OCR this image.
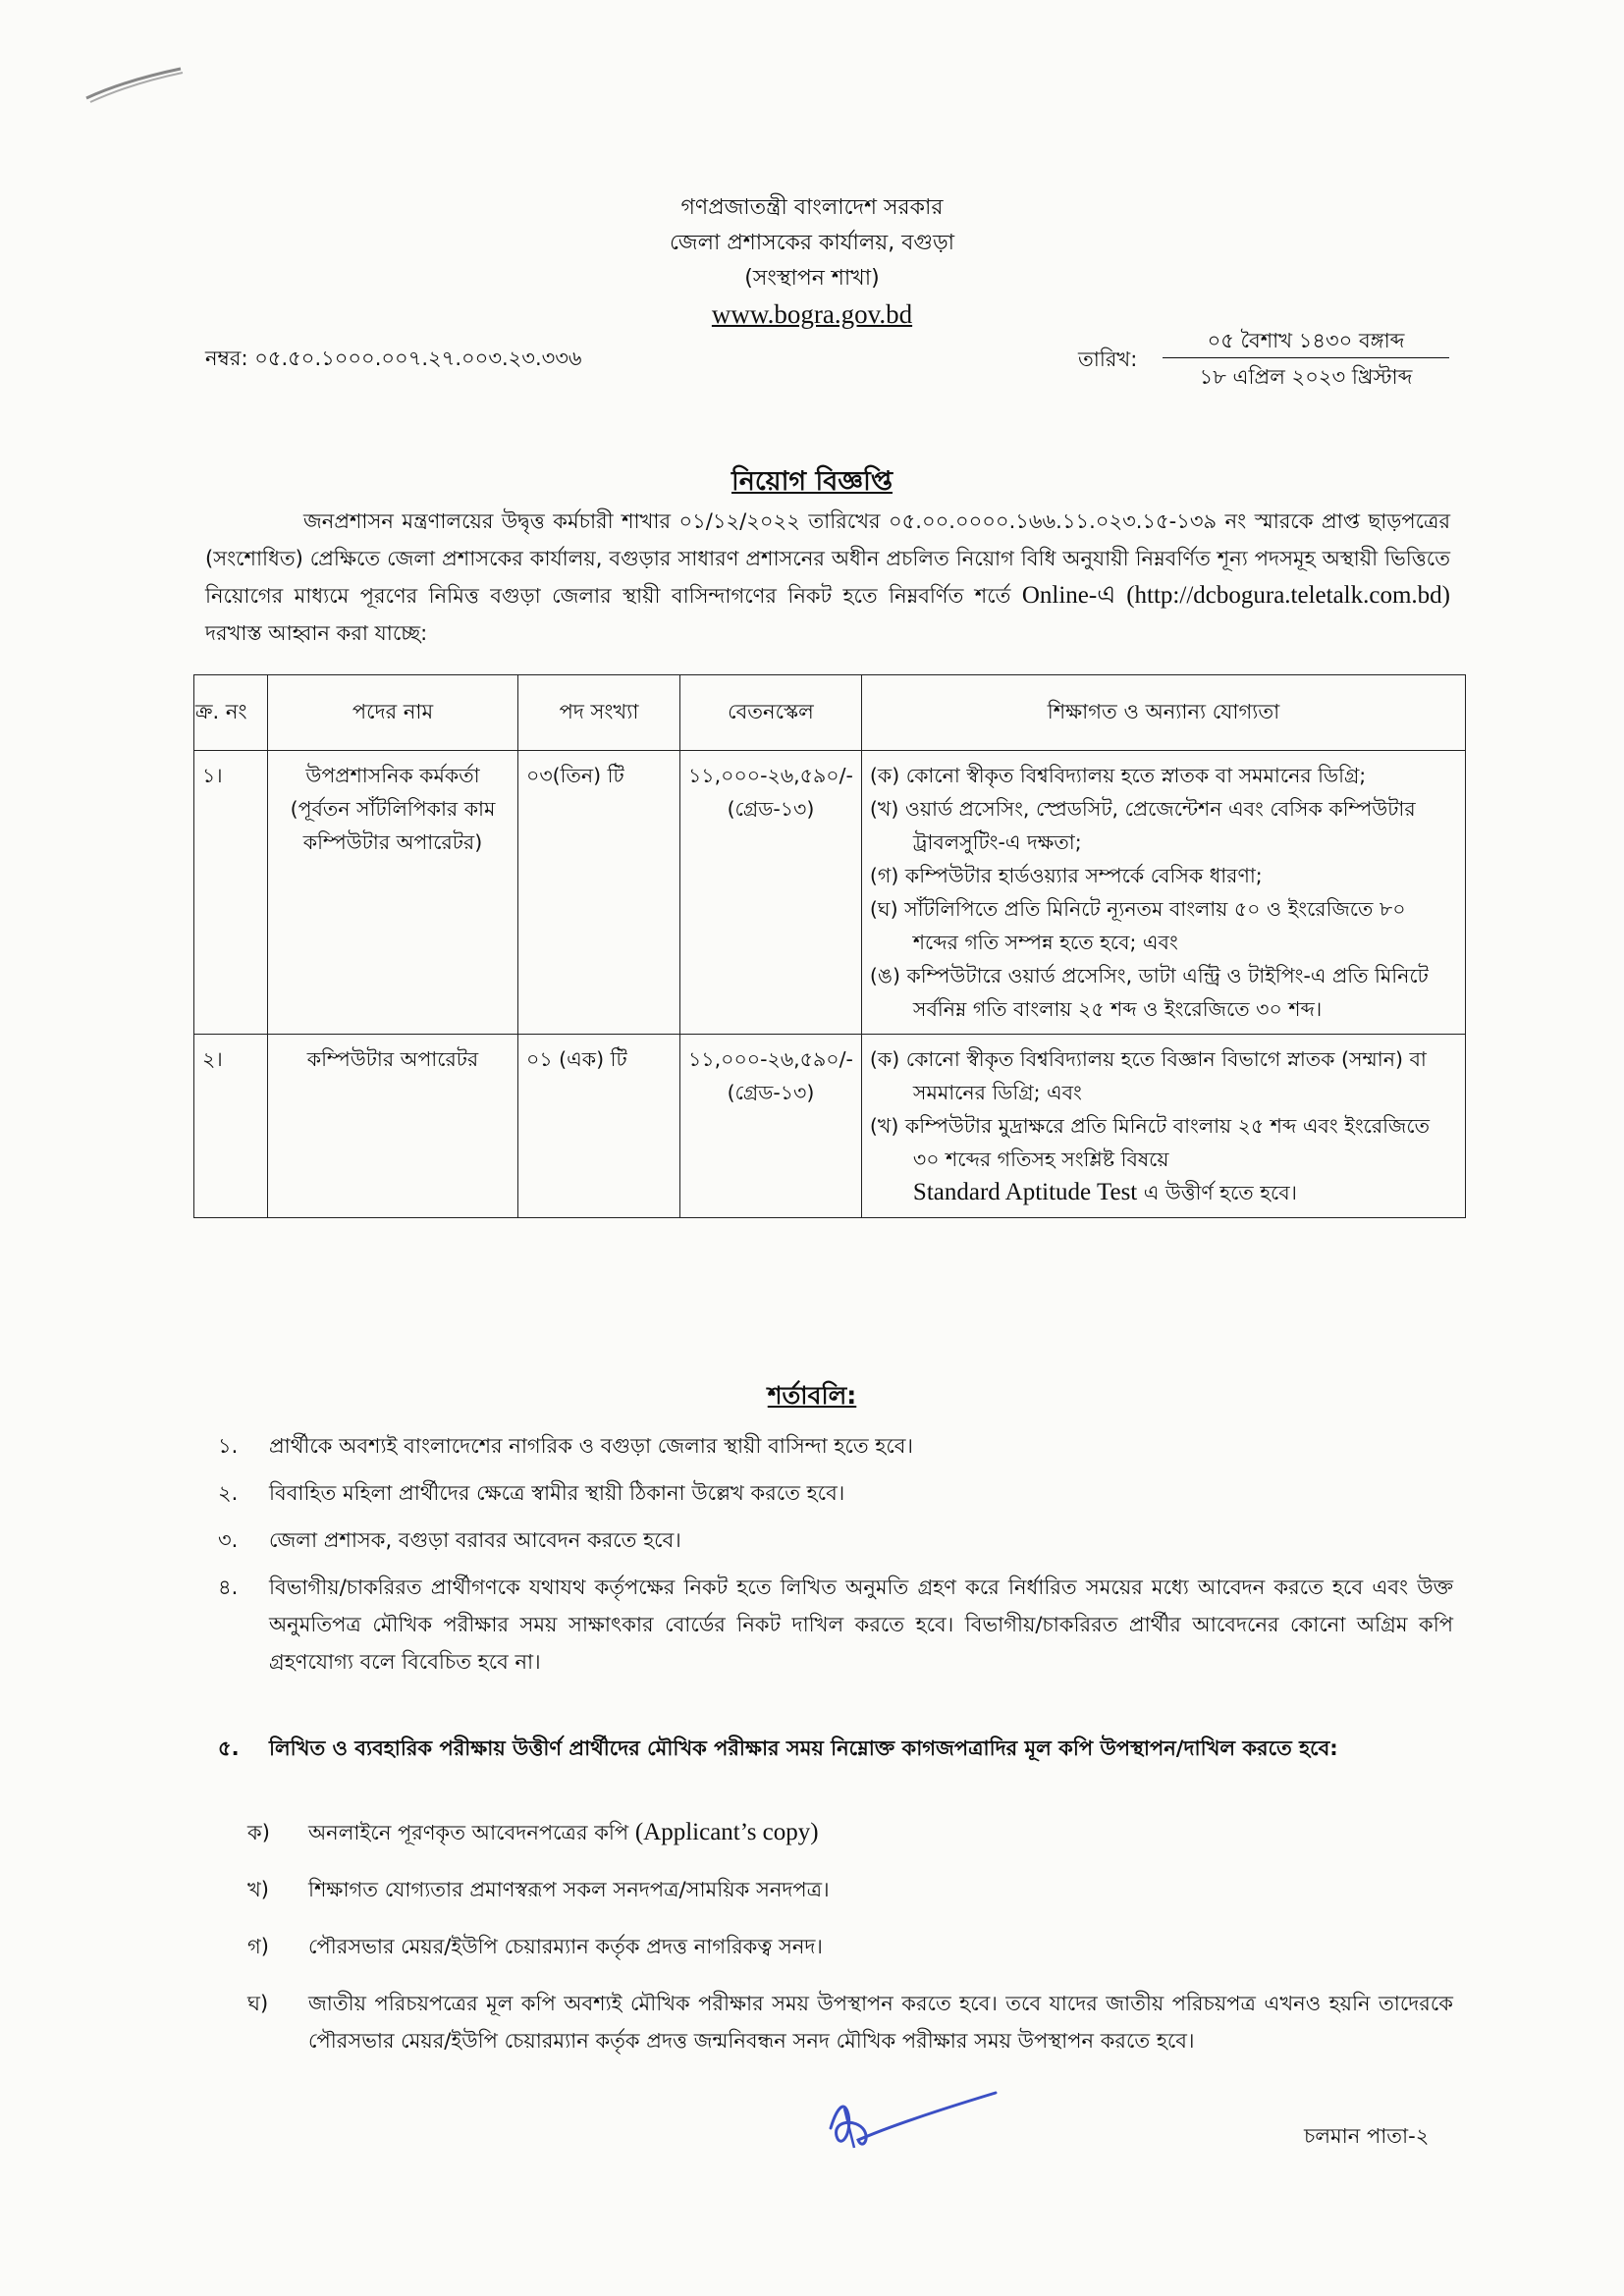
গণপ্রজাতন্ত্রী বাংলাদেশ সরকার
জেলা প্রশাসকের কার্যালয়, বগুড়া
(সংস্থাপন শাখা)
www.bogra.gov.bd
নম্বর: ০৫.৫০.১০০০.০০৭.২৭.০০৩.২৩.৩৩৬	তারিখ:
০৫ বৈশাখ ১৪৩০ বঙ্গাব্দ
১৮ এপ্রিল ২০২৩ খ্রিস্টাব্দ
নিয়োগ বিজ্ঞপ্তি
জনপ্রশাসন মন্ত্রণালয়ের উদ্বৃত্ত কর্মচারী শাখার ০১/১২/২০২২ তারিখের ০৫.০০.০০০০.১৬৬.১১.০২৩.১৫-১৩৯ নং স্মারকে প্রাপ্ত ছাড়পত্রের (সংশোধিত) প্রেক্ষিতে জেলা প্রশাসকের কার্যালয়, বগুড়ার সাধারণ প্রশাসনের অধীন প্রচলিত নিয়োগ বিধি অনুযায়ী নিম্নবর্ণিত শূন্য পদসমূহ অস্থায়ী ভিত্তিতে নিয়োগের মাধ্যমে পূরণের নিমিত্ত বগুড়া জেলার স্থায়ী বাসিন্দাগণের নিকট হতে নিম্নবর্ণিত শর্তে Online-এ (http://dcbogura.teletalk.com.bd) দরখাস্ত আহ্বান করা যাচ্ছে:
ক্র. নং	পদের নাম	পদ সংখ্যা	বেতনস্কেল	শিক্ষাগত ও অন্যান্য যোগ্যতা
১।	উপপ্রশাসনিক কর্মকর্তা (পূর্বতন সাঁটলিপিকার কাম কম্পিউটার অপারেটর)	০৩(তিন) টি	১১,০০০-২৬,৫৯০/- (গ্রেড-১৩)	(ক) কোনো স্বীকৃত বিশ্ববিদ্যালয় হতে স্নাতক বা সমমানের ডিগ্রি;
(খ) ওয়ার্ড প্রসেসিং, স্প্রেডসিট, প্রেজেন্টেশন এবং বেসিক কম্পিউটার ট্রাবলসুটিং-এ দক্ষতা;
(গ) কম্পিউটার হার্ডওয়্যার সম্পর্কে বেসিক ধারণা;
(ঘ) সাঁটলিপিতে প্রতি মিনিটে ন্যূনতম বাংলায় ৫০ ও ইংরেজিতে ৮০ শব্দের গতি সম্পন্ন হতে হবে; এবং
(ঙ) কম্পিউটারে ওয়ার্ড প্রসেসিং, ডাটা এন্ট্রি ও টাইপিং-এ প্রতি মিনিটে সর্বনিম্ন গতি বাংলায় ২৫ শব্দ ও ইংরেজিতে ৩০ শব্দ।

২।	কম্পিউটার অপারেটর	০১ (এক) টি	১১,০০০-২৬,৫৯০/- (গ্রেড-১৩)	(ক) কোনো স্বীকৃত বিশ্ববিদ্যালয় হতে বিজ্ঞান বিভাগে স্নাতক (সম্মান) বা সমমানের ডিগ্রি; এবং
(খ) কম্পিউটার মুদ্রাক্ষরে প্রতি মিনিটে বাংলায় ২৫ শব্দ এবং ইংরেজিতে ৩০ শব্দের গতিসহ সংশ্লিষ্ট বিষয়ে
Standard Aptitude Test এ উত্তীর্ণ হতে হবে।
শর্তাবলি:
১. প্রার্থীকে অবশ্যই বাংলাদেশের নাগরিক ও বগুড়া জেলার স্থায়ী বাসিন্দা হতে হবে।
২. বিবাহিত মহিলা প্রার্থীদের ক্ষেত্রে স্বামীর স্থায়ী ঠিকানা উল্লেখ করতে হবে।
৩. জেলা প্রশাসক, বগুড়া বরাবর আবেদন করতে হবে।
৪. বিভাগীয়/চাকরিরত প্রার্থীগণকে যথাযথ কর্তৃপক্ষের নিকট হতে লিখিত অনুমতি গ্রহণ করে নির্ধারিত সময়ের মধ্যে আবেদন করতে হবে এবং উক্ত অনুমতিপত্র মৌখিক পরীক্ষার সময় সাক্ষাৎকার বোর্ডের নিকট দাখিল করতে হবে। বিভাগীয়/চাকরিরত প্রার্থীর আবেদনের কোনো অগ্রিম কপি গ্রহণযোগ্য বলে বিবেচিত হবে না।
৫. লিখিত ও ব্যবহারিক পরীক্ষায় উত্তীর্ণ প্রার্থীদের মৌখিক পরীক্ষার সময় নিম্নোক্ত কাগজপত্রাদির মূল কপি উপস্থাপন/দাখিল করতে হবে:
ক) অনলাইনে পূরণকৃত আবেদনপত্রের কপি (Applicant’s copy)
খ) শিক্ষাগত যোগ্যতার প্রমাণস্বরূপ সকল সনদপত্র/সাময়িক সনদপত্র।
গ) পৌরসভার মেয়র/ইউপি চেয়ারম্যান কর্তৃক প্রদত্ত নাগরিকত্ব সনদ।
ঘ) জাতীয় পরিচয়পত্রের মূল কপি অবশ্যই মৌখিক পরীক্ষার সময় উপস্থাপন করতে হবে। তবে যাদের জাতীয় পরিচয়পত্র এখনও হয়নি তাদেরকে পৌরসভার মেয়র/ইউপি চেয়ারম্যান কর্তৃক প্রদত্ত জন্মনিবন্ধন সনদ মৌখিক পরীক্ষার সময় উপস্থাপন করতে হবে।
চলমান পাতা-২
